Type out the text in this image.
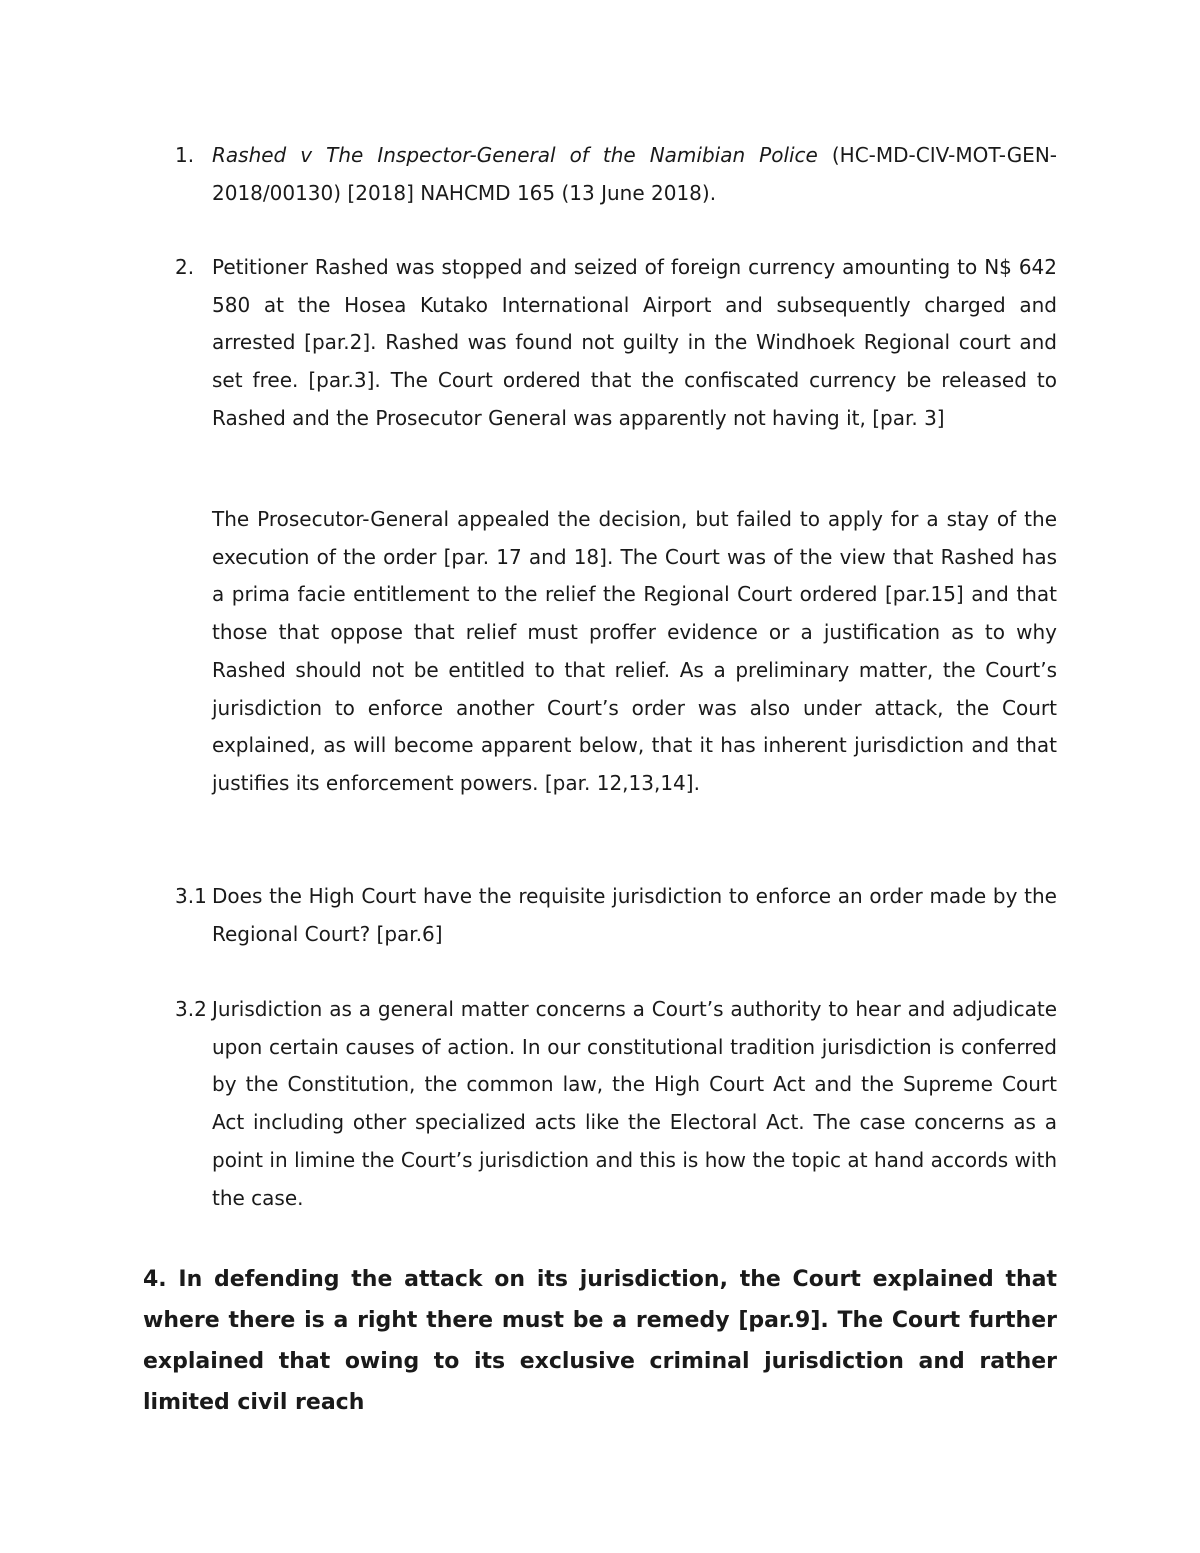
1. Rashed v The Inspector-General of the Namibian Police (HC-MD-CIV-MOT-GEN-2018/00130) [2018] NAHCMD 165 (13 June 2018).
2. Petitioner Rashed was stopped and seized of foreign currency amounting to N$ 642 580 at the Hosea Kutako International Airport and subsequently charged and arrested [par.2]. Rashed was found not guilty in the Windhoek Regional court and set free. [par.3]. The Court ordered that the confiscated currency be released to Rashed and the Prosecutor General was apparently not having it, [par. 3]
The Prosecutor-General appealed the decision, but failed to apply for a stay of the execution of the order [par. 17 and 18]. The Court was of the view that Rashed has a prima facie entitlement to the relief the Regional Court ordered [par.15] and that those that oppose that relief must proffer evidence or a justification as to why Rashed should not be entitled to that relief. As a preliminary matter, the Court’s jurisdiction to enforce another Court’s order was also under attack, the Court explained, as will become apparent below, that it has inherent jurisdiction and that justifies its enforcement powers. [par. 12,13,14].
3.1 Does the High Court have the requisite jurisdiction to enforce an order made by the Regional Court? [par.6]
3.2 Jurisdiction as a general matter concerns a Court’s authority to hear and adjudicate upon certain causes of action. In our constitutional tradition jurisdiction is conferred by the Constitution, the common law, the High Court Act and the Supreme Court Act including other specialized acts like the Electoral Act. The case concerns as a point in limine the Court’s jurisdiction and this is how the topic at hand accords with the case.
4. In defending the attack on its jurisdiction, the Court explained that where there is a right there must be a remedy [par.9]. The Court further explained that owing to its exclusive criminal jurisdiction and rather limited civil reach
